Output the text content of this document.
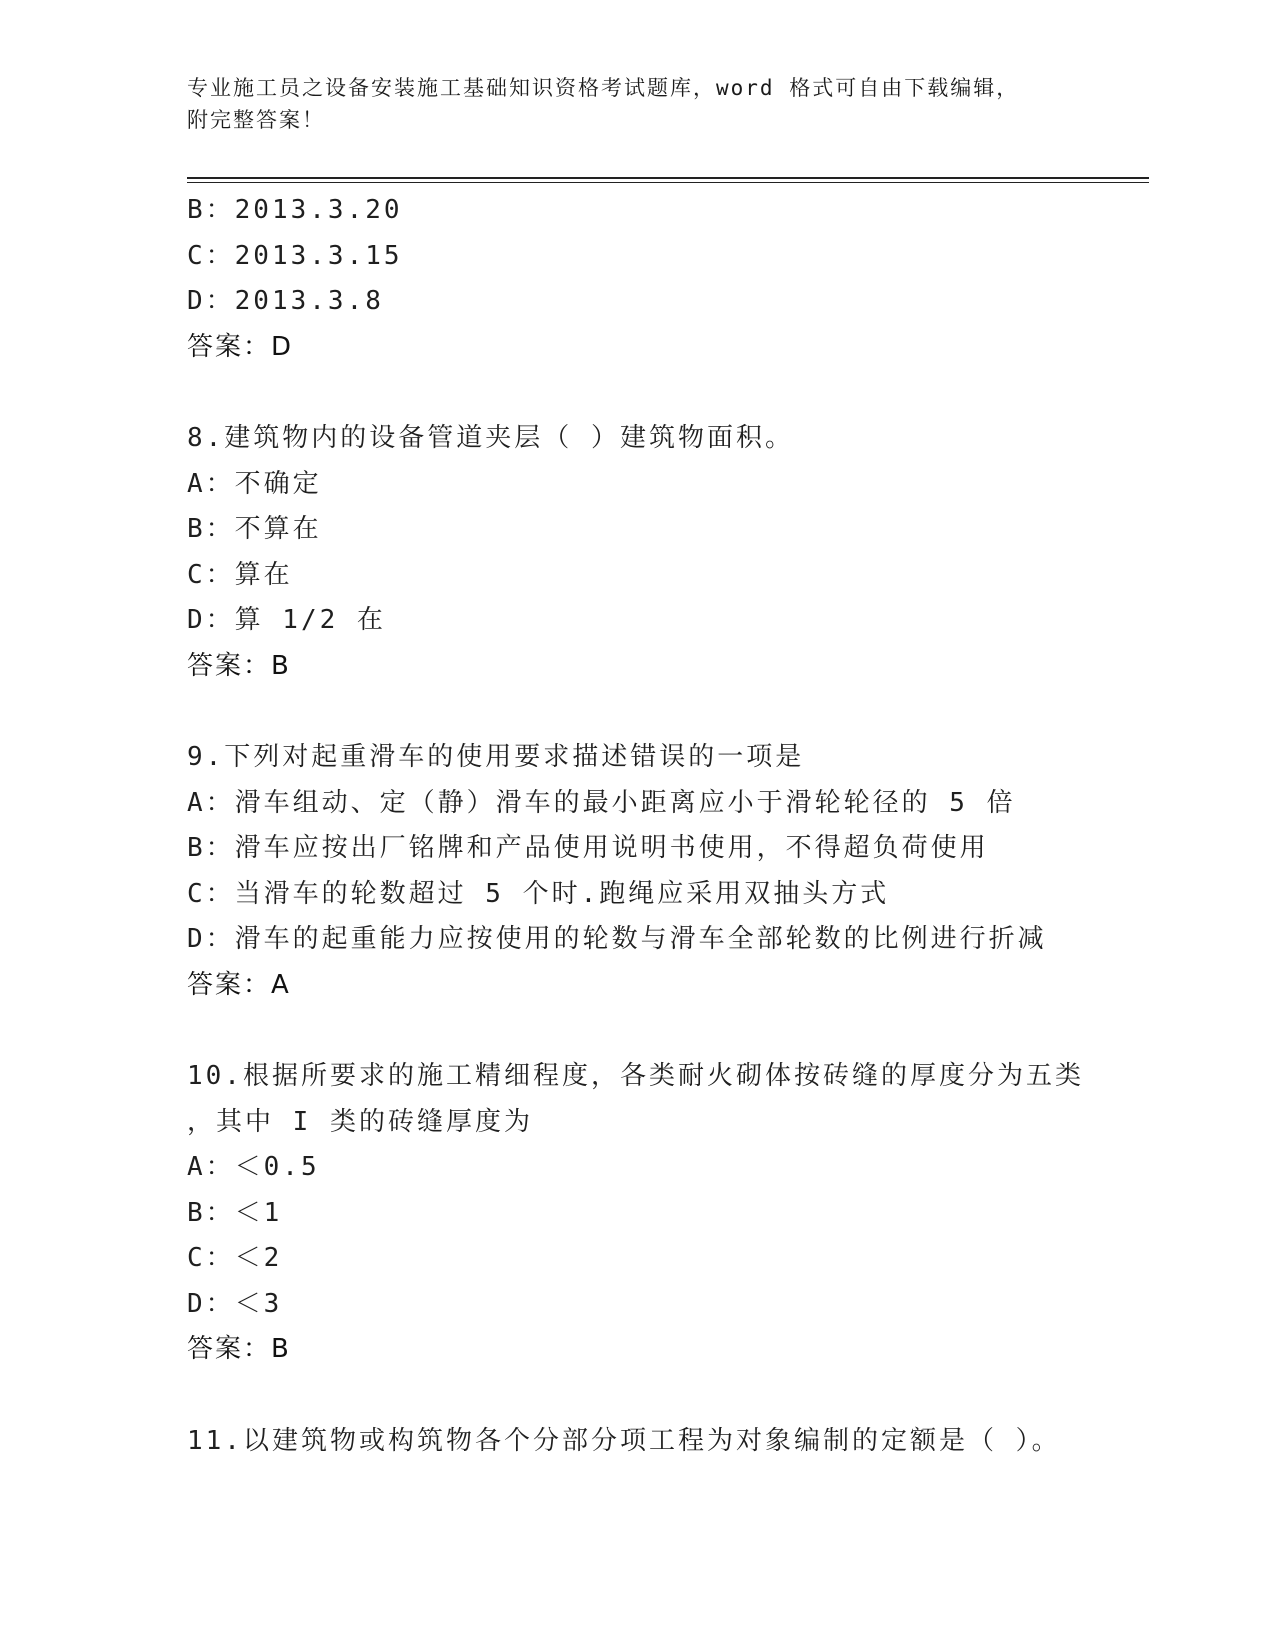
专业施工员之设备安装施工基础知识资格考试题库，word 格式可自由下载编辑，
附完整答案！
B：2013.3.20
C：2013.3.15
D：2013.3.8
答案：D
8.建筑物内的设备管道夹层（ ）建筑物面积。
A：不确定
B：不算在
C：算在
D：算 1/2 在
答案：B
9.下列对起重滑车的使用要求描述错误的一项是
A：滑车组动、定（静）滑车的最小距离应小于滑轮轮径的 5 倍
B：滑车应按出厂铭牌和产品使用说明书使用，不得超负荷使用
C：当滑车的轮数超过 5 个时.跑绳应采用双抽头方式
D：滑车的起重能力应按使用的轮数与滑车全部轮数的比例进行折减
答案：A
10.根据所要求的施工精细程度，各类耐火砌体按砖缝的厚度分为五类
，其中 I 类的砖缝厚度为
A：＜0.5
B：＜1
C：＜2
D：＜3
答案：B
11.以建筑物或构筑物各个分部分项工程为对象编制的定额是（ ）。
